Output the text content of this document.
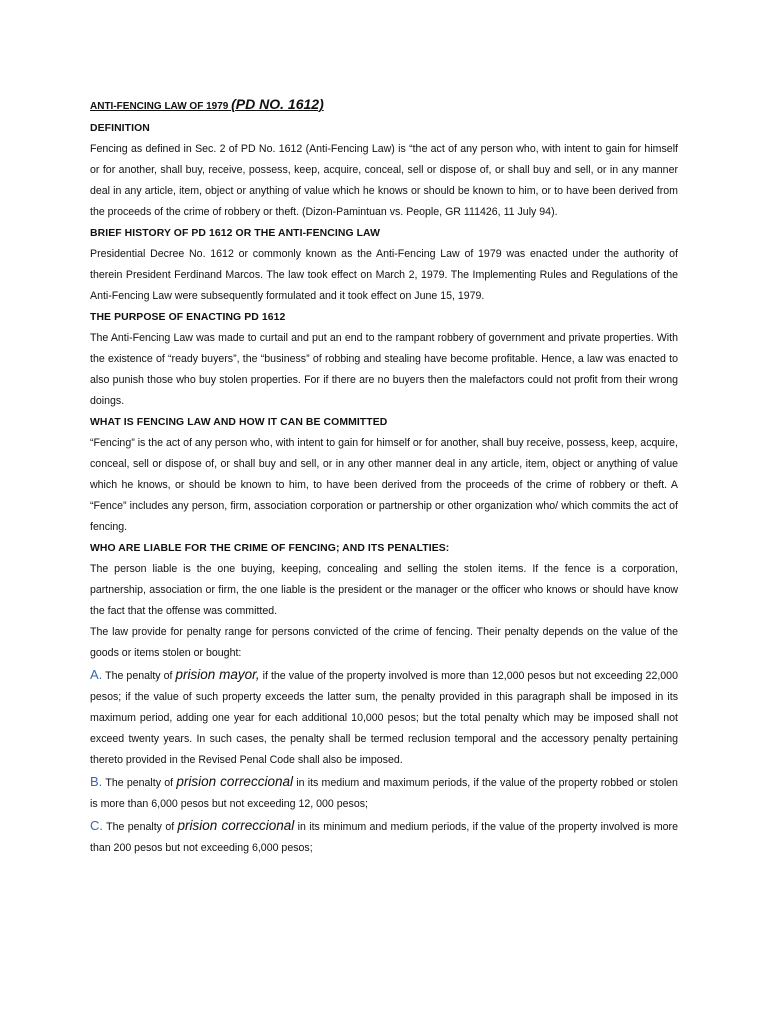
ANTI-FENCING LAW OF 1979 (PD NO. 1612)
DEFINITION

Fencing as defined in Sec. 2 of PD No. 1612 (Anti-Fencing Law) is “the act of any person who, with intent to gain for himself or for another, shall buy, receive, possess, keep, acquire, conceal, sell or dispose of, or shall buy and sell, or in any manner deal in any article, item, object or anything of value which he knows or should be known to him, or to have been derived from the proceeds of the crime of robbery or theft. (Dizon-Pamintuan vs. People, GR 111426, 11 July 94).

BRIEF HISTORY OF PD 1612 OR THE ANTI-FENCING LAW

Presidential Decree No. 1612 or commonly known as the Anti-Fencing Law of 1979 was enacted under the authority of therein President Ferdinand Marcos. The law took effect on March 2, 1979. The Implementing Rules and Regulations of the Anti-Fencing Law were subsequently formulated and it took effect on June 15, 1979.

THE PURPOSE OF ENACTING PD 1612

The Anti-Fencing Law was made to curtail and put an end to the rampant robbery of government and private properties. With the existence of “ready buyers”, the “business” of robbing and stealing have become profitable. Hence, a law was enacted to also punish those who buy stolen properties. For if there are no buyers then the malefactors could not profit from their wrong doings.

WHAT IS FENCING LAW AND HOW IT CAN BE COMMITTED

“Fencing” is the act of any person who, with intent to gain for himself or for another, shall buy receive, possess, keep, acquire, conceal, sell or dispose of, or shall buy and sell, or in any other manner deal in any article, item, object or anything of value which he knows, or should be known to him, to have been derived from the proceeds of the crime of robbery or theft. A “Fence” includes any person, firm, association corporation or partnership or other organization who/ which commits the act of fencing.

WHO ARE LIABLE FOR THE CRIME OF FENCING; AND ITS PENALTIES:

The person liable is the one buying, keeping, concealing and selling the stolen items. If the fence is a corporation, partnership, association or firm, the one liable is the president or the manager or the officer who knows or should have know the fact that the offense was committed.

The law provide for penalty range for persons convicted of the crime of fencing. Their penalty depends on the value of the goods or items stolen or bought:

A. The penalty of prision mayor, if the value of the property involved is more than 12,000 pesos but not exceeding 22,000 pesos; if the value of such property exceeds the latter sum, the penalty provided in this paragraph shall be imposed in its maximum period, adding one year for each additional 10,000 pesos; but the total penalty which may be imposed shall not exceed twenty years. In such cases, the penalty shall be termed reclusion temporal and the accessory penalty pertaining thereto provided in the Revised Penal Code shall also be imposed.

B. The penalty of prision correccional in its medium and maximum periods, if the value of the property robbed or stolen is more than 6,000 pesos but not exceeding 12, 000 pesos;

C. The penalty of prision correccional in its minimum and medium periods, if the value of the property involved is more than 200 pesos but not exceeding 6,000 pesos;
